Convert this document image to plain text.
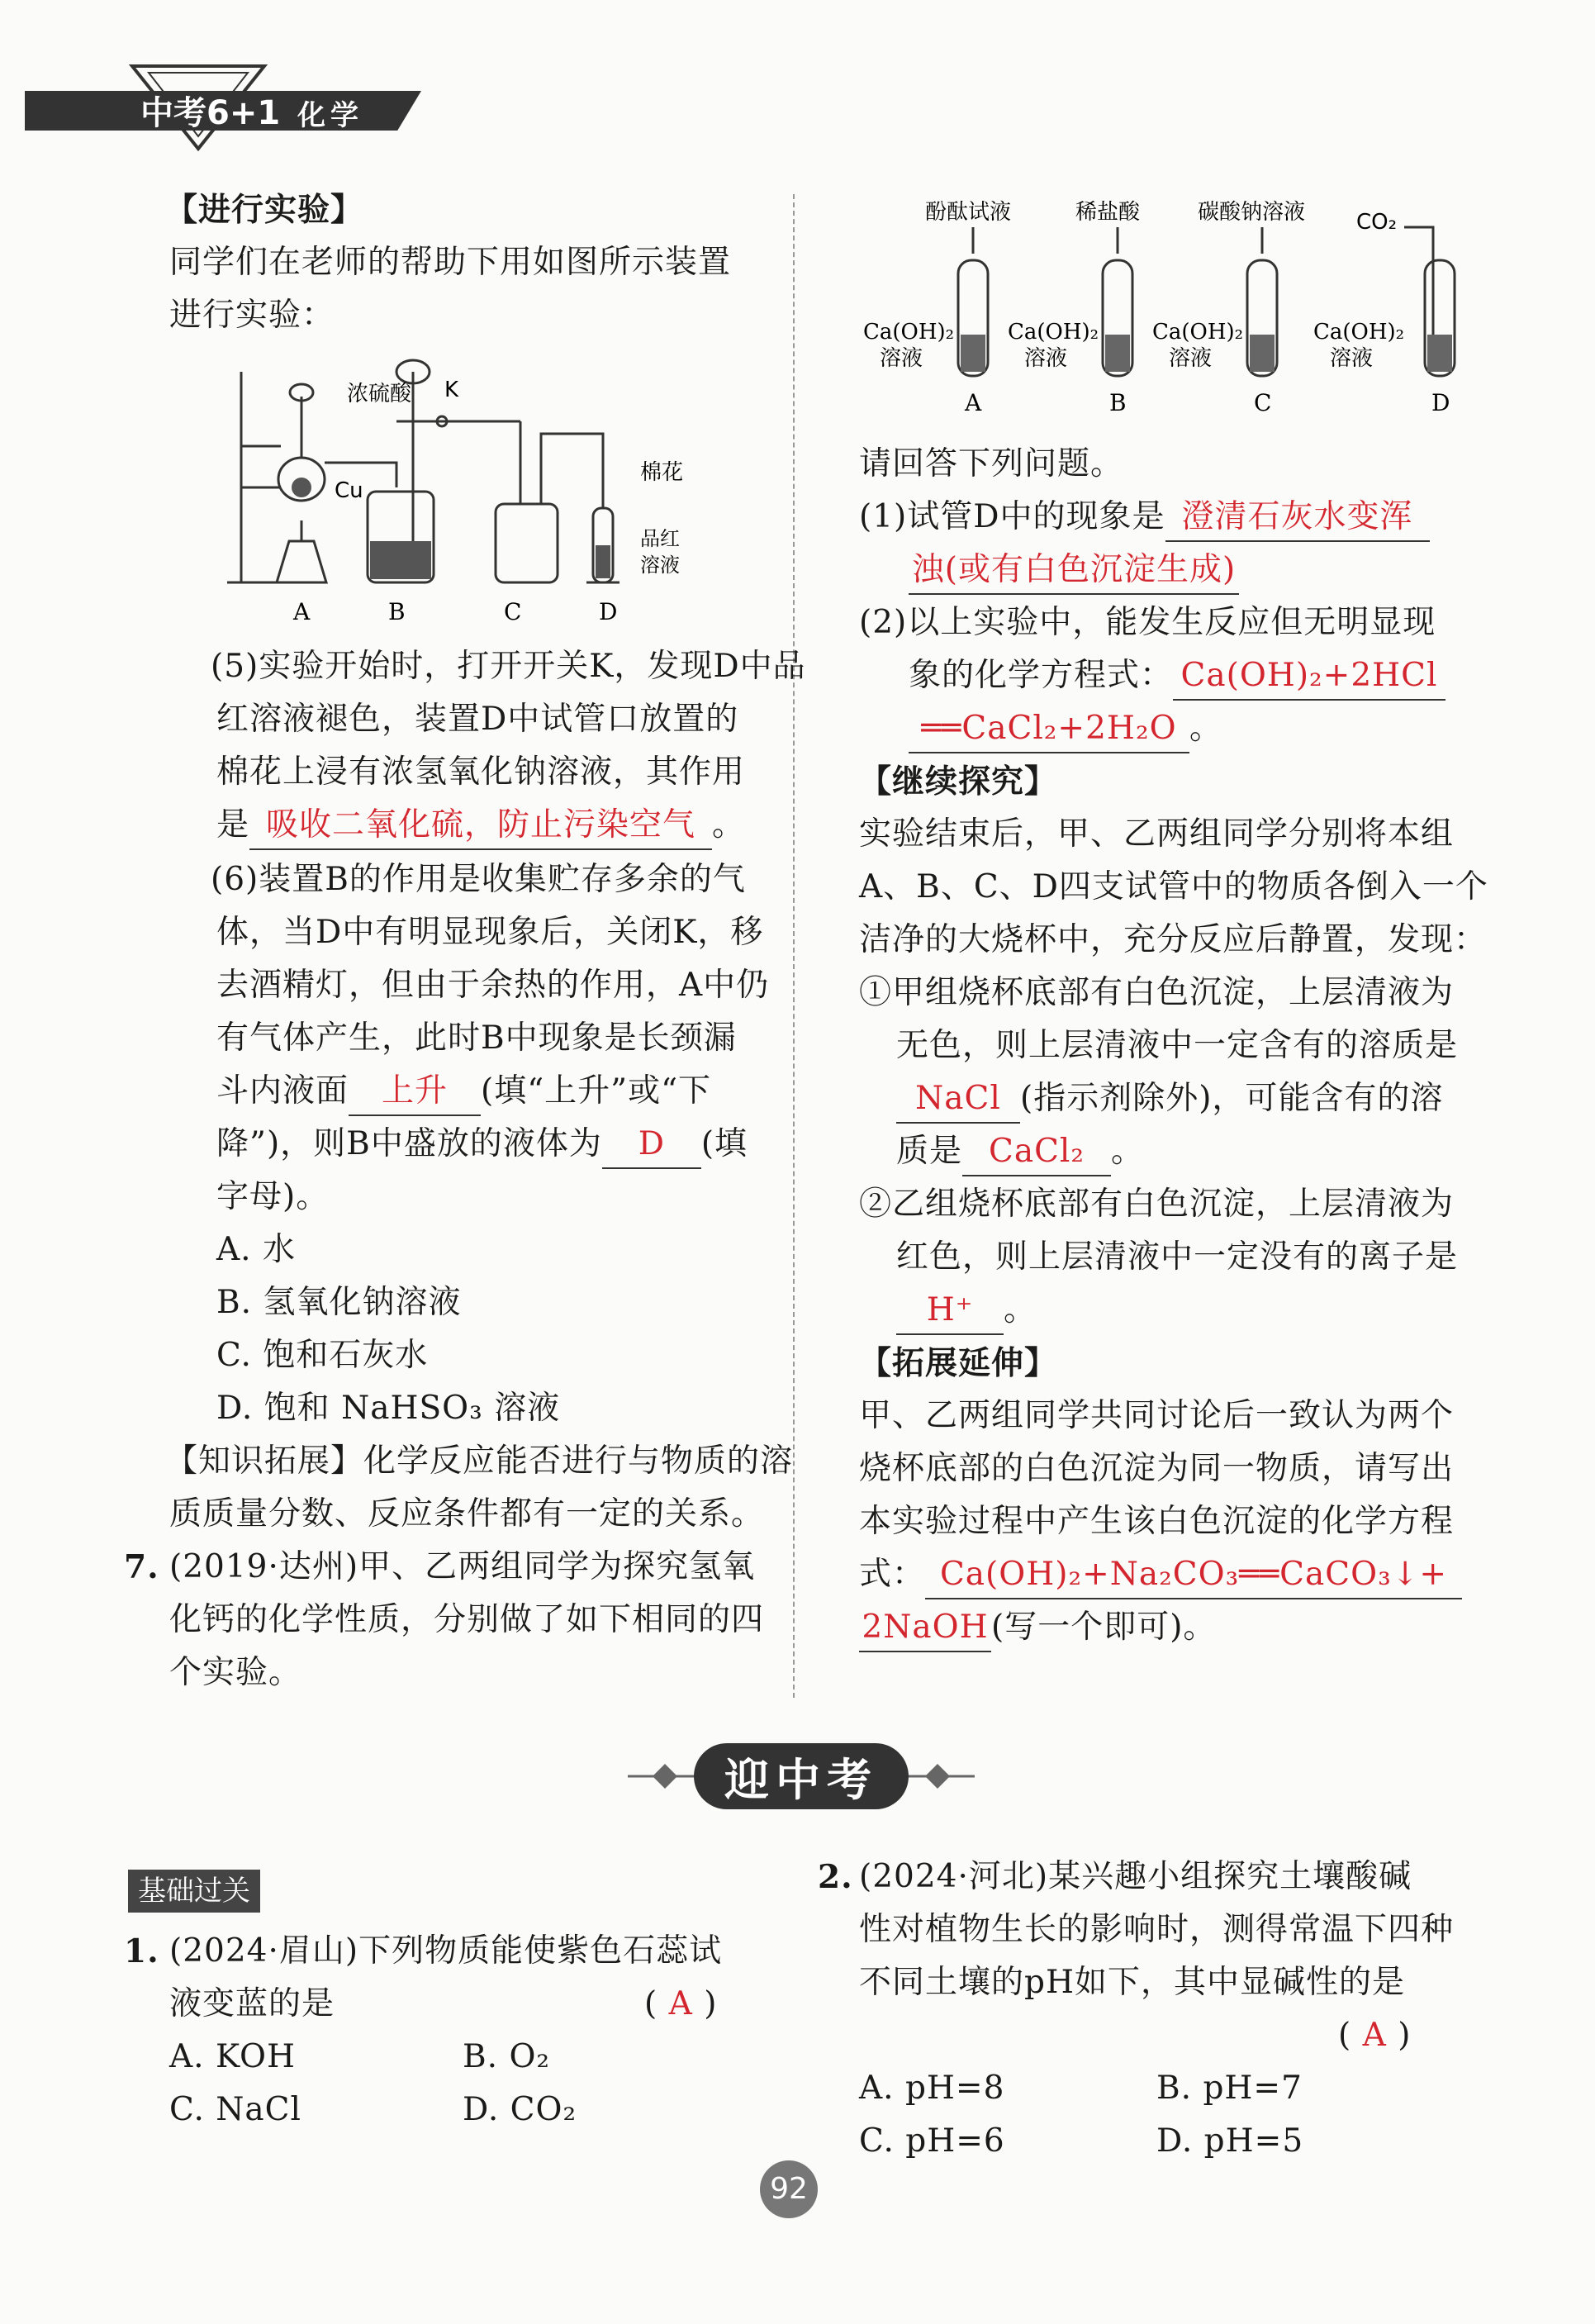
中考6+1 化学
【进行实验】
同学们在老师的帮助下用如图所示装置
进行实验：
浓硫酸 K
Cu
棉花
品红
溶液
A	B	C	D
(5)实验开始时，打开开关K，发现D中品
红溶液褪色，装置D中试管口放置的
棉花上浸有浓氢氧化钠溶液，其作用
是 吸收二氧化硫，防止污染空气 。
(6)装置B的作用是收集贮存多余的气
体，当D中有明显现象后，关闭K，移
去酒精灯，但由于余热的作用，A中仍
有气体产生，此时B中现象是长颈漏
斗内液面 上升 (填“上升”或“下
降”)，则B中盛放的液体为 D (填
字母)。
A. 水
B. 氢氧化钠溶液
C. 饱和石灰水
D. 饱和 NaHSO₃ 溶液
【知识拓展】化学反应能否进行与物质的溶
质质量分数、反应条件都有一定的关系。
7. (2019·达州)甲、乙两组同学为探究氢氧
化钙的化学性质，分别做了如下相同的四
个实验。
酚酞试液	稀盐酸	碳酸钠溶液 CO₂
Ca(OH)₂
溶液
Ca(OH)₂
溶液
Ca(OH)₂
溶液
Ca(OH)₂
溶液
A	B	C	D
请回答下列问题。
(1)试管D中的现象是 澄清石灰水变浑
浊(或有白色沉淀生成)
(2)以上实验中，能发生反应但无明显现
象的化学方程式： Ca(OH)₂+2HCl
══CaCl₂+2H₂O 。
【继续探究】
实验结束后，甲、乙两组同学分别将本组
A、B、C、D四支试管中的物质各倒入一个
洁净的大烧杯中，充分反应后静置，发现：
①甲组烧杯底部有白色沉淀，上层清液为
无色，则上层清液中一定含有的溶质是
NaCl (指示剂除外)，可能含有的溶
质是 CaCl₂ 。
②乙组烧杯底部有白色沉淀，上层清液为
红色，则上层清液中一定没有的离子是
H⁺ 。
【拓展延伸】
甲、乙两组同学共同讨论后一致认为两个
烧杯底部的白色沉淀为同一物质，请写出
本实验过程中产生该白色沉淀的化学方程
式： Ca(OH)₂+Na₂CO₃══CaCO₃↓+
2NaOH(写一个即可)。
迎中考
基础过关
1. (2024·眉山)下列物质能使紫色石蕊试
液变蓝的是	( A )
A. KOH	B. O₂
C. NaCl	D. CO₂
2. (2024·河北)某兴趣小组探究土壤酸碱
性对植物生长的影响时，测得常温下四种
不同土壤的pH如下，其中显碱性的是
( A )
A. pH=8	B. pH=7
C. pH=6	D. pH=5
92
